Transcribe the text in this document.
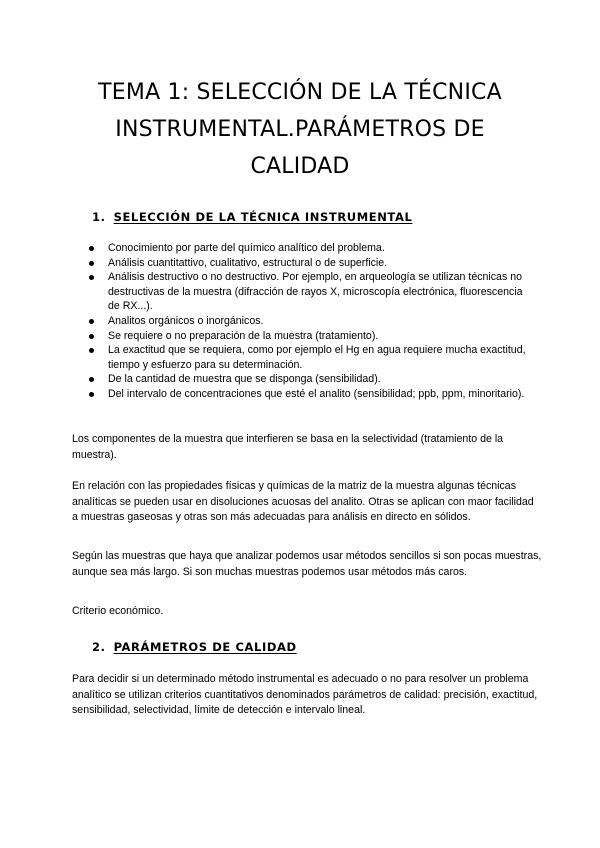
TEMA 1: SELECCIÓN DE LA TÉCNICA
INSTRUMENTAL.PARÁMETROS DE
CALIDAD
1. SELECCIÓN DE LA TÉCNICA INSTRUMENTAL
Conocimiento por parte del químico analítico del problema.
Análisis cuantitattivo, cualitativo, estructural o de superficie.
Análisis destructivo o no destructivo. Por ejemplo, en arqueología se utilizan técnicas no destructivas de la muestra (difracción de rayos X, microscopía electrónica, fluorescencia de RX...).
Analitos orgánicos o inorgánicos.
Se requiere o no preparación de la muestra (tratamiento).
La exactitud que se requiera, como por ejemplo el Hg en agua requiere mucha exactitud, tiempo y esfuerzo para su determinación.
De la cantidad de muestra que se disponga (sensibilidad).
Del intervalo de concentraciones que esté el analito (sensibilidad; ppb, ppm, minoritario).

Los componentes de la muestra que interfieren se basa en la selectividad (tratamiento de la muestra).

En relación con las propiedades físicas y químicas de la matriz de la muestra algunas técnicas analíticas se pueden usar en disoluciones acuosas del analito. Otras se aplican con maor facilidad a muestras gaseosas y otras son más adecuadas para análisis en directo en sólidos.

Según las muestras que haya que analizar podemos usar métodos sencillos si son pocas muestras, aunque sea más largo. Si son muchas muestras podemos usar métodos más caros.

Criterio económico.

2. PARÁMETROS DE CALIDAD

Para decidir si un determinado método instrumental es adecuado o no para resolver un problema analítico se utilizan criterios cuantitativos denominados parámetros de calidad: precisión, exactitud, sensibilidad, selectividad, límite de detección e intervalo lineal.
